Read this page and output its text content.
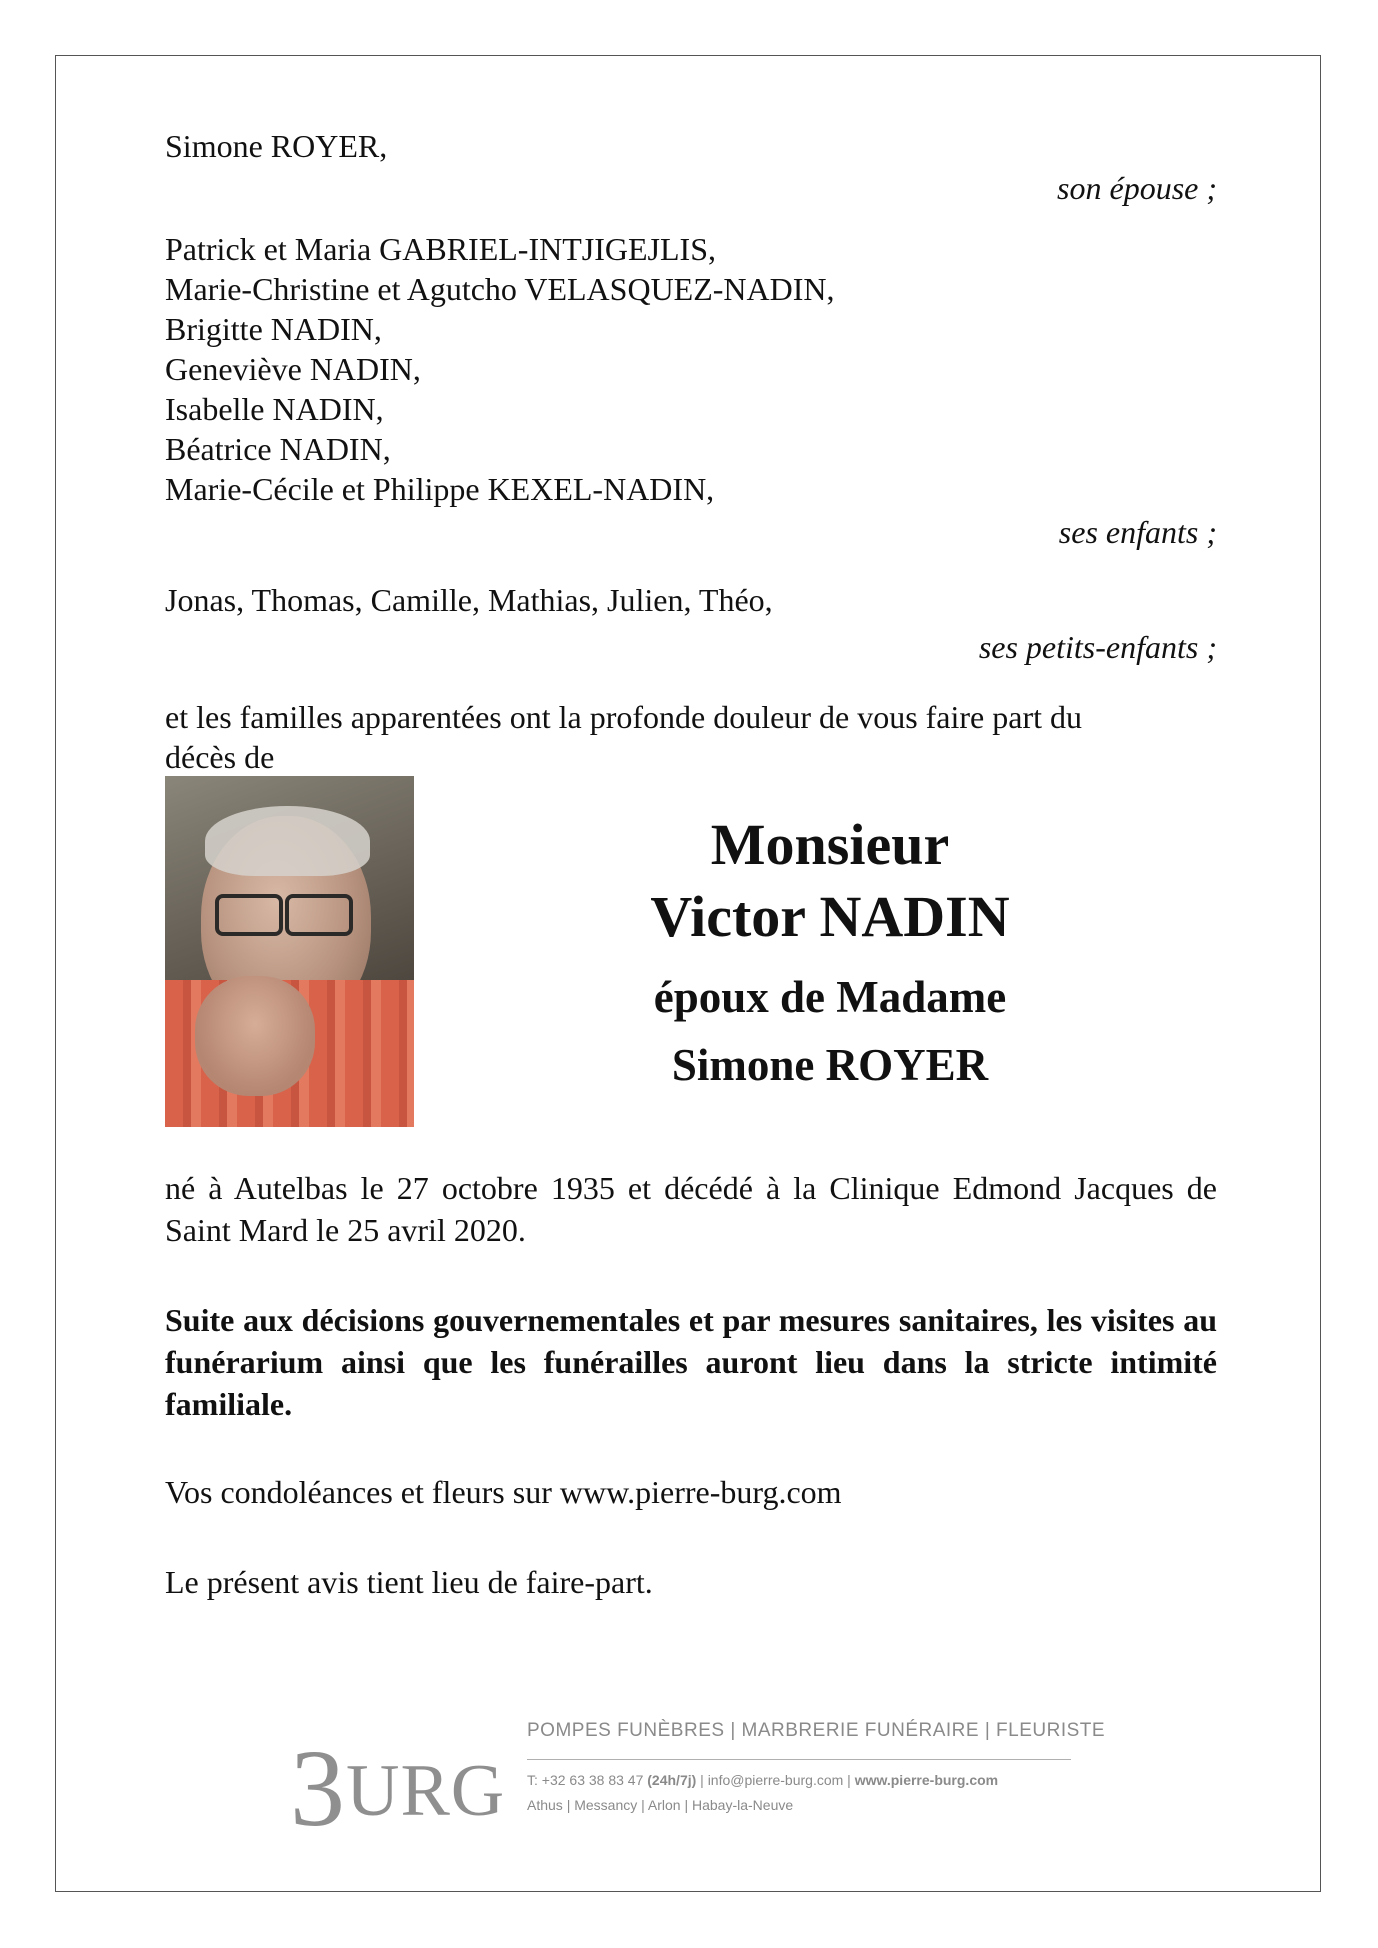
Simone ROYER,
son épouse ;
Patrick et Maria GABRIEL-INTJIGEJLIS,
Marie-Christine et Agutcho VELASQUEZ-NADIN,
Brigitte NADIN,
Geneviève NADIN,
Isabelle NADIN,
Béatrice NADIN,
Marie-Cécile et Philippe KEXEL-NADIN,
ses enfants ;
Jonas, Thomas, Camille, Mathias, Julien, Théo,
ses petits-enfants ;
et les familles apparentées ont la profonde douleur de vous faire part du
décès de
Monsieur
Victor NADIN
époux de Madame
Simone ROYER
né à Autelbas le 27 octobre 1935 et décédé à la Clinique Edmond Jacques de Saint Mard le 25 avril 2020.
Suite aux décisions gouvernementales et par mesures sanitaires, les visites au funérarium ainsi que les funérailles auront lieu dans la stricte intimité familiale.
Vos condoléances et fleurs sur www.pierre-burg.com
Le présent avis tient lieu de faire-part.
3URG
POMPES FUNÈBRES | MARBRERIE FUNÉRAIRE | FLEURISTE
T: +32 63 38 83 47 (24h/7j) | info@pierre-burg.com | www.pierre-burg.com
Athus | Messancy | Arlon | Habay-la-Neuve
